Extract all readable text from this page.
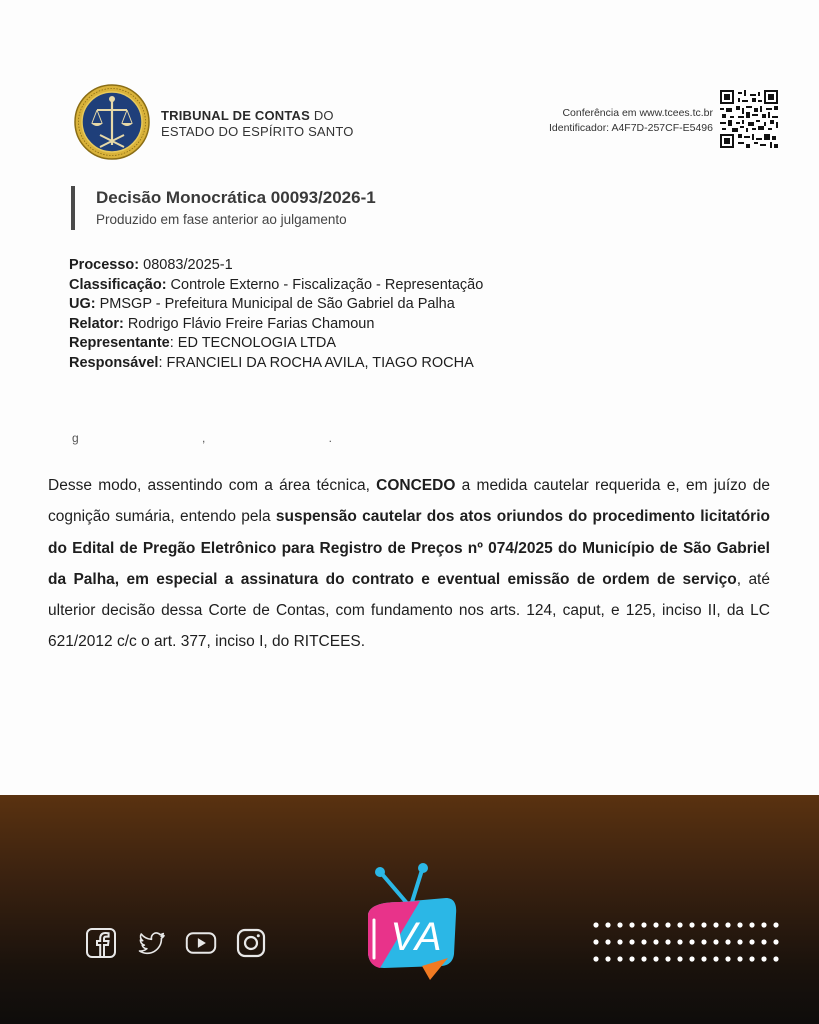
TRIBUNAL DE CONTAS DO
ESTADO DO ESPÍRITO SANTO
Conferência em www.tcees.tc.br
Identificador: A4F7D-257CF-E5496
Decisão Monocrática 00093/2026-1
Produzido em fase anterior ao julgamento
Processo: 08083/2025-1
Classificação: Controle Externo - Fiscalização - Representação
UG: PMSGP - Prefeitura Municipal de São Gabriel da Palha
Relator: Rodrigo Flávio Freire Farias Chamoun
Representante: ED TECNOLOGIA LTDA
Responsável: FRANCIELI DA ROCHA AVILA, TIAGO ROCHA
g , .

Desse modo, assentindo com a área técnica, CONCEDO a medida cautelar requerida e, em juízo de cognição sumária, entendo pela suspensão cautelar dos atos oriundos do procedimento licitatório do Edital de Pregão Eletrônico para Registro de Preços nº 074/2025 do Município de São Gabriel da Palha, em especial a assinatura do contrato e eventual emissão de ordem de serviço, até ulterior decisão dessa Corte de Contas, com fundamento nos arts. 124, caput, e 125, inciso II, da LC 621/2012 c/c o art. 377, inciso I, do RITCEES.

VA
